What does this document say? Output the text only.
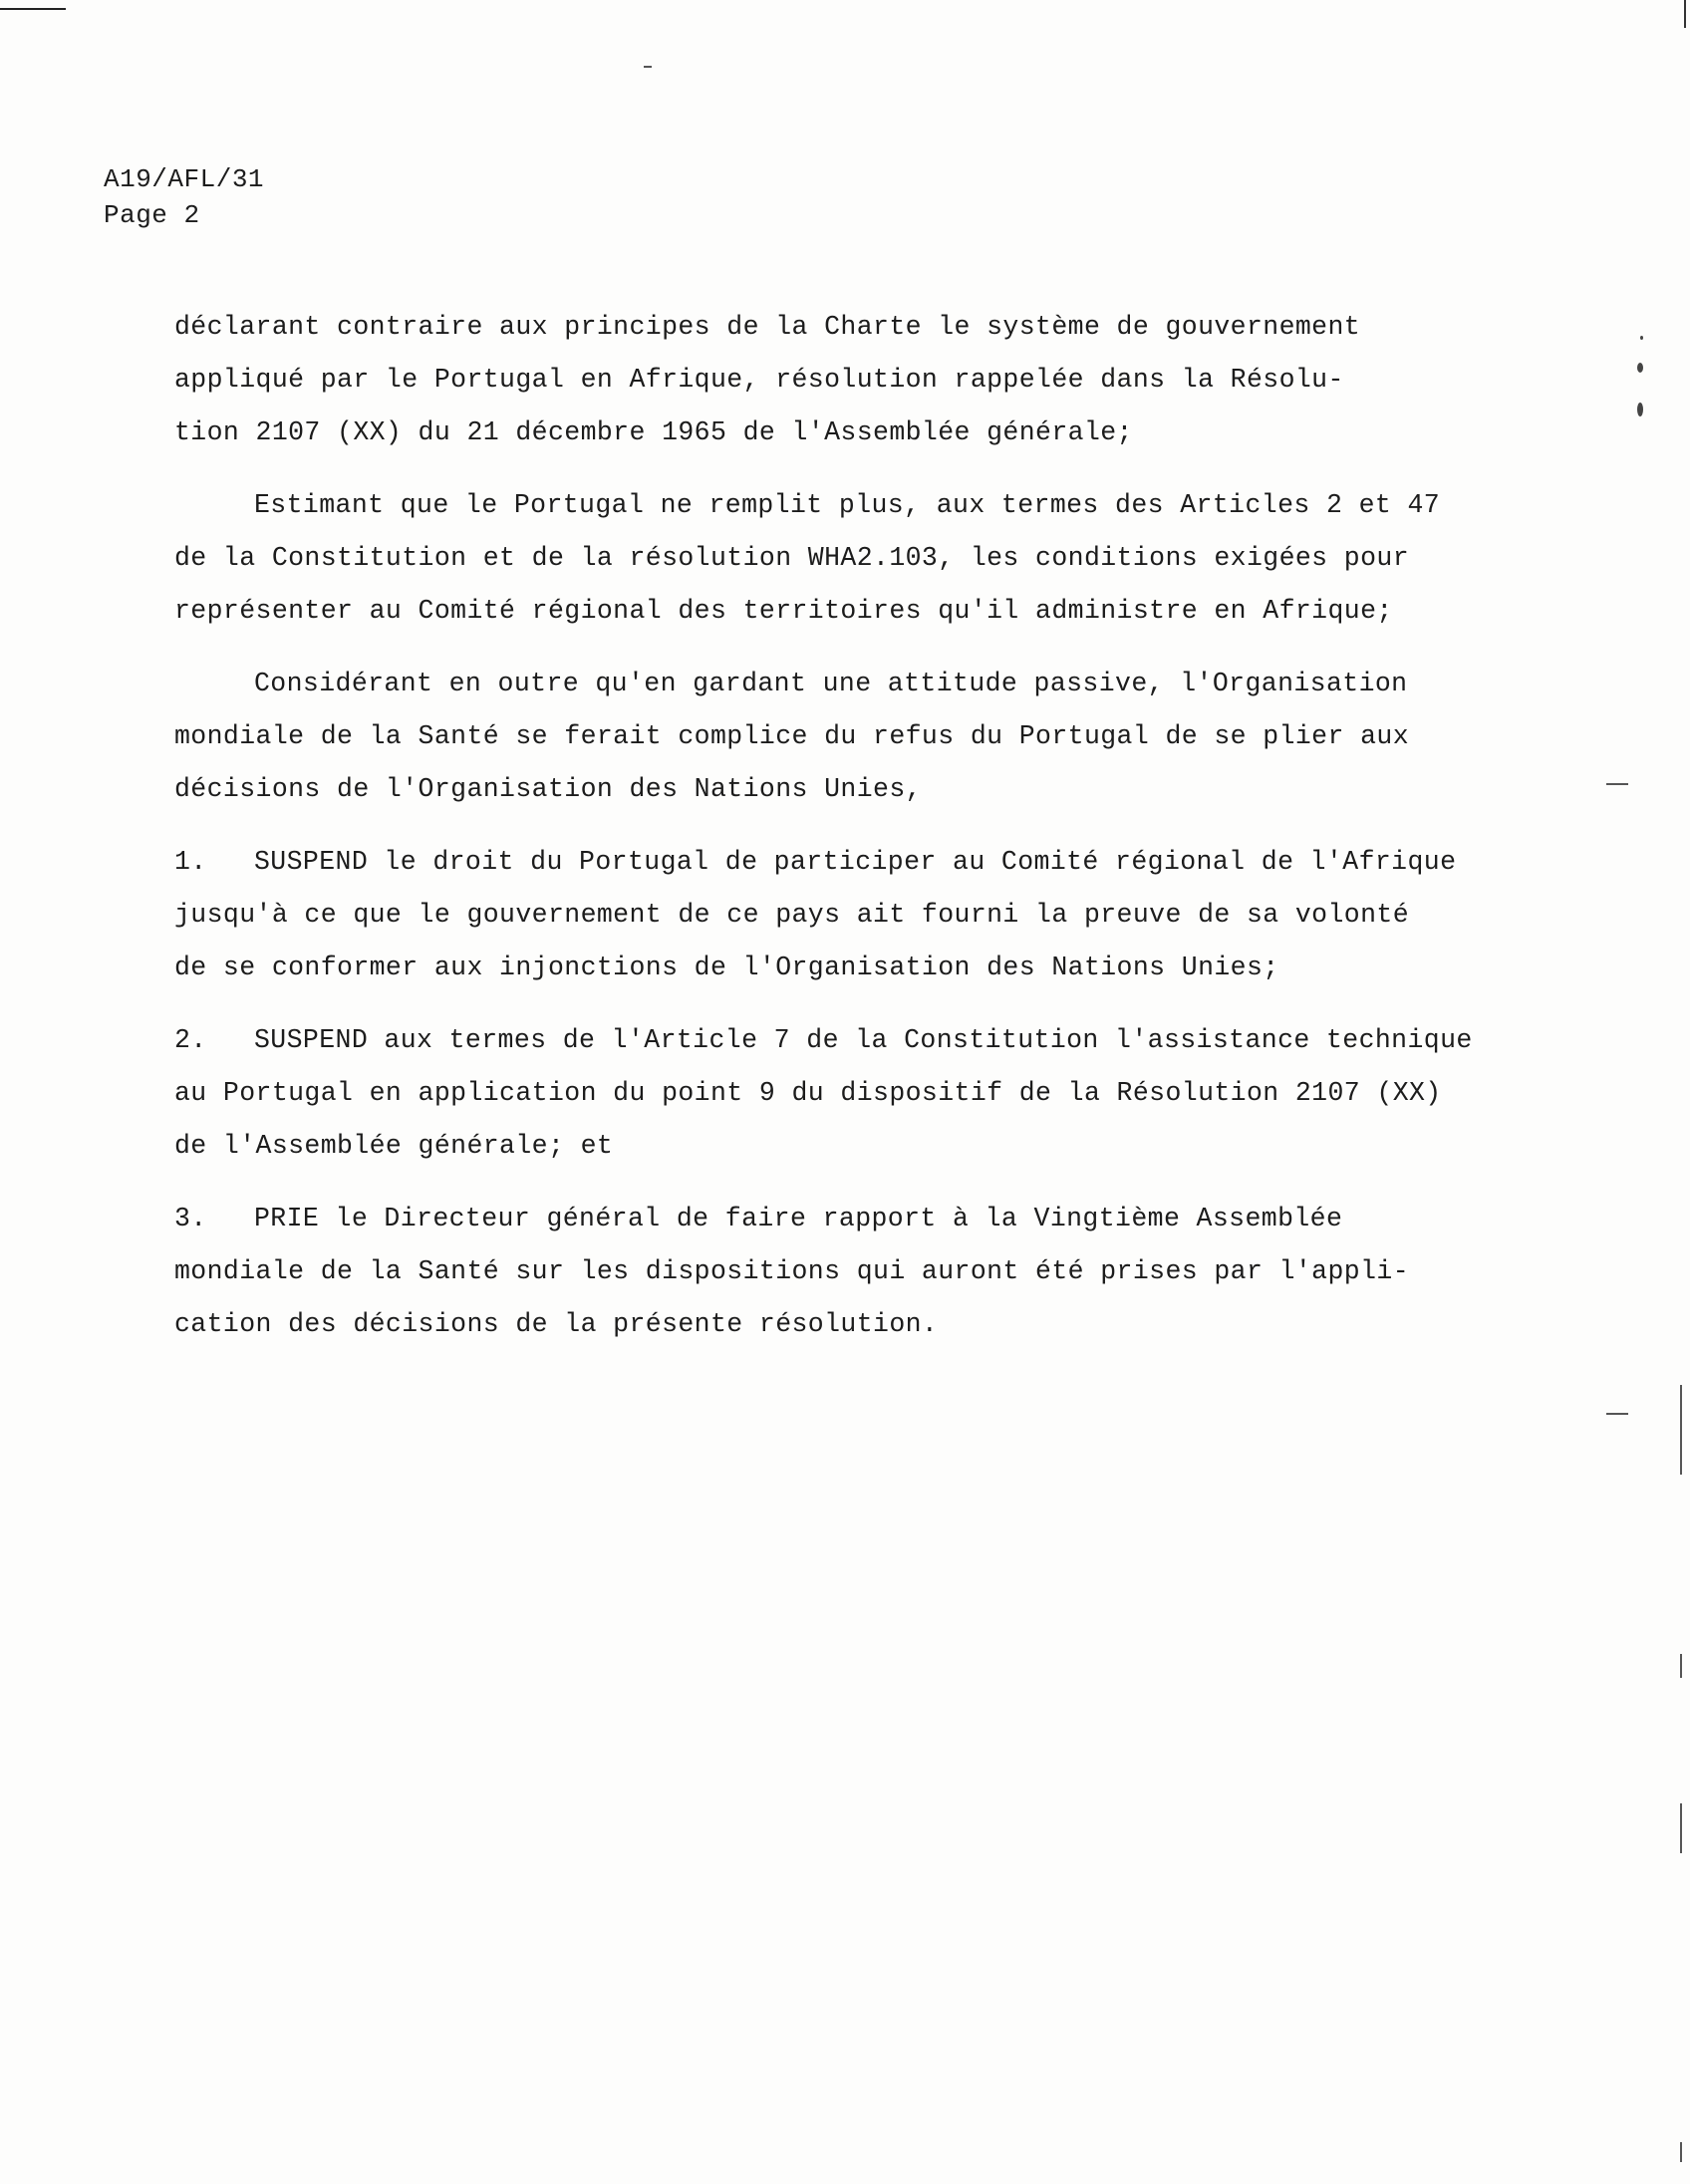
A19/AFL/31
Page 2
déclarant contraire aux principes de la Charte le système de gouvernement
appliqué par le Portugal en Afrique, résolution rappelée dans la Résolu-
tion 2107 (XX) du 21 décembre 1965 de l'Assemblée générale;
Estimant que le Portugal ne remplit plus, aux termes des Articles 2 et 47
de la Constitution et de la résolution WHA2.103, les conditions exigées pour
représenter au Comité régional des territoires qu'il administre en Afrique;
Considérant en outre qu'en gardant une attitude passive, l'Organisation
mondiale de la Santé se ferait complice du refus du Portugal de se plier aux
décisions de l'Organisation des Nations Unies,
1. SUSPEND le droit du Portugal de participer au Comité régional de l'Afrique
jusqu'à ce que le gouvernement de ce pays ait fourni la preuve de sa volonté
de se conformer aux injonctions de l'Organisation des Nations Unies;
2. SUSPEND aux termes de l'Article 7 de la Constitution l'assistance technique
au Portugal en application du point 9 du dispositif de la Résolution 2107 (XX)
de l'Assemblée générale; et
3. PRIE le Directeur général de faire rapport à la Vingtième Assemblée
mondiale de la Santé sur les dispositions qui auront été prises par l'appli-
cation des décisions de la présente résolution.
